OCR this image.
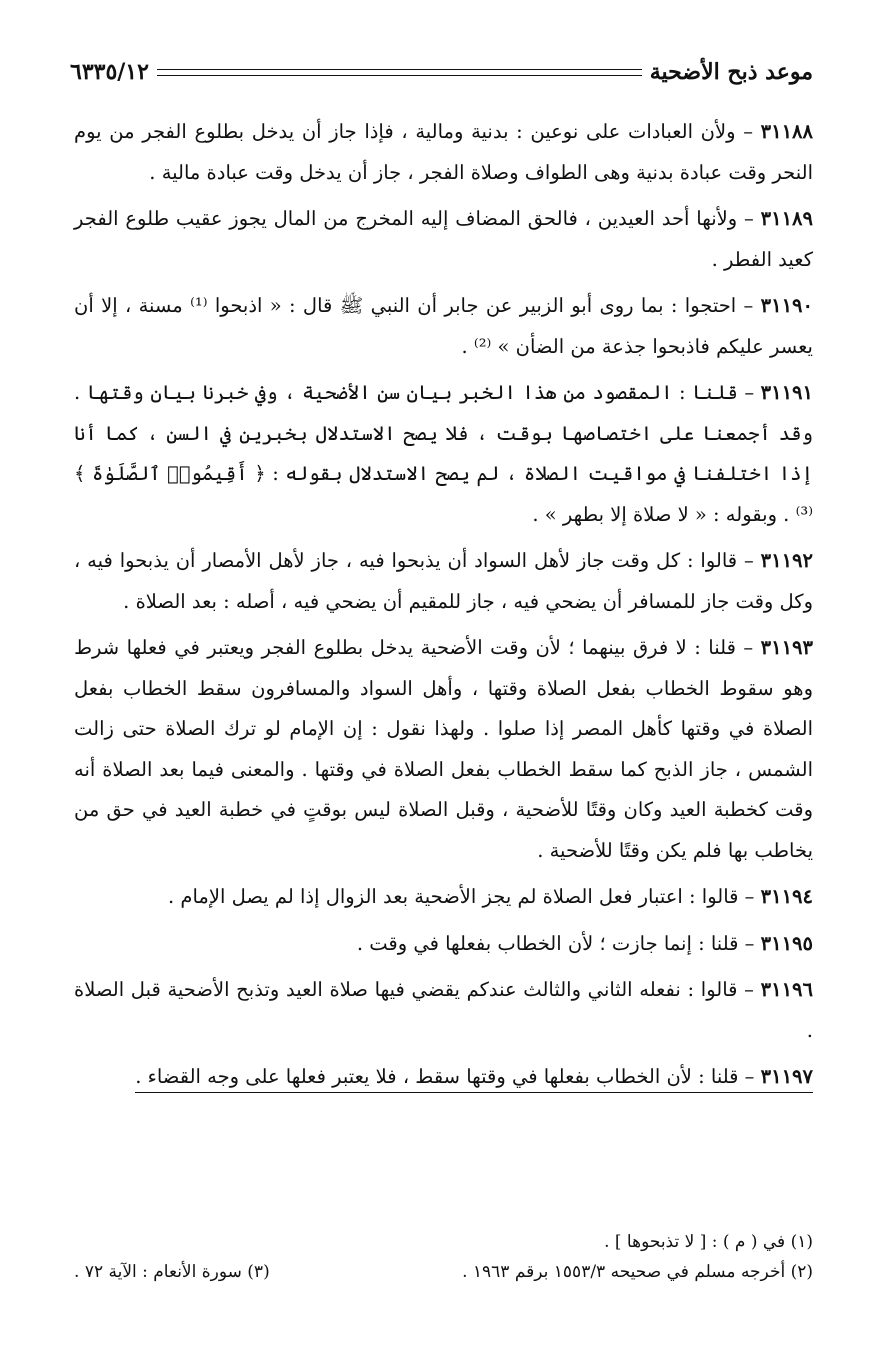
موعد ذبح الأضحية
٦٣٣٥/١٢

٣١١٨٨ – ولأن العبادات على نوعين : بدنية ومالية ، فإذا جاز أن يدخل بطلوع الفجر من يوم النحر وقت عبادة بدنية وهى الطواف وصلاة الفجر ، جاز أن يدخل وقت عبادة مالية .

٣١١٨٩ – ولأنها أحد العيدين ، فالحق المضاف إليه المخرج من المال يجوز عقيب طلوع الفجر كعيد الفطر .

٣١١٩٠ – احتجوا : بما روى أبو الزبير عن جابر أن النبي ﷺ قال : « اذبحوا ⁽¹⁾ مسنة ، إلا أن يعسر عليكم فاذبحوا جذعة من الضأن » ⁽²⁾ .

٣١١٩١ – قلنا : المقصود من هذا الخبر بيان سن الأضحية ، وفي خبرنا بيان وقتها . وقد أجمعنا على اختصاصها بوقت ، فلا يصح الاستدلال بخبرين في السن ، كما أنا إذا اختلفنا في مواقيت الصلاة ، لم يصح الاستدلال بقوله : ﴿ أَقِيمُوا۟ ٱلصَّلَوٰةَ ﴾ ⁽³⁾ . وبقوله : « لا صلاة إلا بطهر » .

٣١١٩٢ – قالوا : كل وقت جاز لأهل السواد أن يذبحوا فيه ، جاز لأهل الأمصار أن يذبحوا فيه ، وكل وقت جاز للمسافر أن يضحي فيه ، جاز للمقيم أن يضحي فيه ، أصله : بعد الصلاة .

٣١١٩٣ – قلنا : لا فرق بينهما ؛ لأن وقت الأضحية يدخل بطلوع الفجر ويعتبر في فعلها شرط وهو سقوط الخطاب بفعل الصلاة وقتها ، وأهل السواد والمسافرون سقط الخطاب بفعل الصلاة في وقتها كأهل المصر إذا صلوا . ولهذا نقول : إن الإمام لو ترك الصلاة حتى زالت الشمس ، جاز الذبح كما سقط الخطاب بفعل الصلاة في وقتها . والمعنى فيما بعد الصلاة أنه وقت كخطبة العيد وكان وقتًا للأضحية ، وقبل الصلاة ليس بوقتٍ في خطبة العيد في حق من يخاطب بها فلم يكن وقتًا للأضحية .

٣١١٩٤ – قالوا : اعتبار فعل الصلاة لم يجز الأضحية بعد الزوال إذا لم يصل الإمام .

٣١١٩٥ – قلنا : إنما جازت ؛ لأن الخطاب بفعلها في وقت .

٣١١٩٦ – قالوا : نفعله الثاني والثالث عندكم يقضي فيها صلاة العيد وتذبح الأضحية قبل الصلاة .

٣١١٩٧ – قلنا : لأن الخطاب بفعلها في وقتها سقط ، فلا يعتبر فعلها على وجه القضاء .

(١) في ( م ) : [ لا تذبحوها ] .
(٢) أخرجه مسلم في صحيحه ١٥٥٣/٣ برقم ١٩٦٣ .
(٣) سورة الأنعام : الآية ٧٢ .
